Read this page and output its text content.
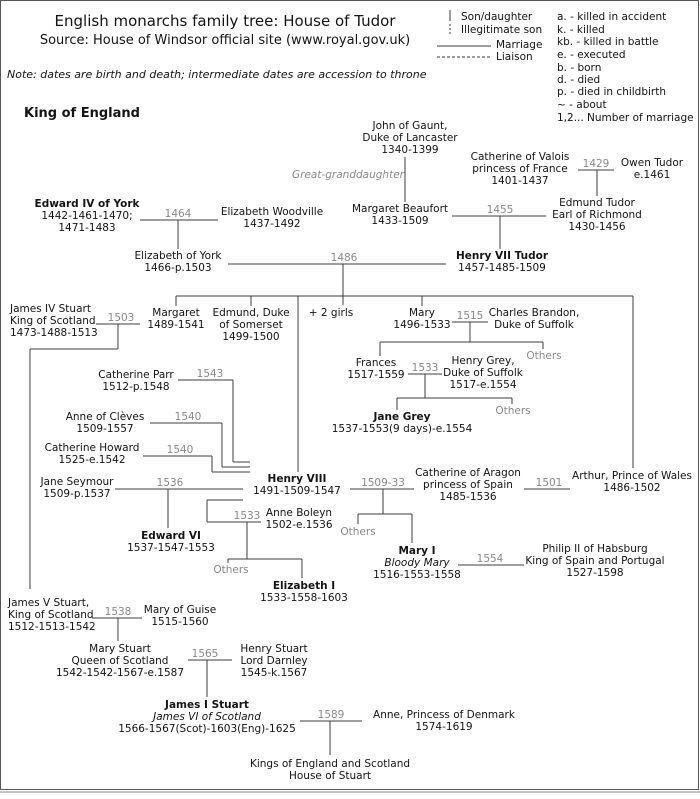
English monarchs family tree: House of Tudor
Source: House of Windsor official site (www.royal.gov.uk)
Note: dates are birth and death; intermediate dates are accession to throne
King of England
Son/daughter
Illegitimate son
Marriage
Liaison
a. - killed in accident
k. - killed
kb. - killed in battle
e. - executed
b. - born
d. - died
p. - died in childbirth
~ - about
1,2... Number of marriage
John of Gaunt,
Duke of Lancaster
1340-1399
Great-granddaughter
Catherine of Valois
princess of France
1401-1437
Owen Tudor
e.1461
Margaret Beaufort
1433-1509
Edmund Tudor
Earl of Richmond
1430-1456
Edward IV of York
1442-1461-1470;
1471-1483
Elizabeth Woodville
1437-1492
Elizabeth of York
1466-p.1503
Henry VII Tudor
1457-1485-1509
James IV Stuart
King of Scotland
1473-1488-1513
Margaret
1489-1541
Edmund, Duke
of Somerset
1499-1500
+ 2 girls	Mary
1496-1533
Charles Brandon,
Duke of Suffolk
Others
Frances
1517-1559
Henry Grey,
Duke of Suffolk
1517-e.1554
Others
Jane Grey
1537-1553(9 days)-e.1554
Catherine Parr
1512-p.1548
Anne of Clèves
1509-1557
Catherine Howard
1525-e.1542
Jane Seymour
1509-p.1537
Henry VIII
1491-1509-1547
Catherine of Aragon
princess of Spain
1485-1536
Arthur, Prince of Wales
1486-1502
Edward VI
1537-1547-1553
Anne Boleyn
1502-e.1536
Others
Others
Mary I
Bloody Mary
1516-1553-1558
Philip II of Habsburg
King of Spain and Portugal
1527-1598
Elizabeth I
1533-1558-1603
James V Stuart,
King of Scotland
1512-1513-1542
Mary of Guise
1515-1560
Mary Stuart
Queen of Scotland
1542-1542-1567-e.1587
Henry Stuart
Lord Darnley
1545-k.1567
James I Stuart
James VI of Scotland
1566-1567(Scot)-1603(Eng)-1625
Anne, Princess of Denmark
1574-1619
Kings of England and Scotland
House of Stuart
1429
1464	1455
1486
1503	1515
1533
1543
1540
1540
1536
1533
1509-33	1501
1554
1538
1565
1589
